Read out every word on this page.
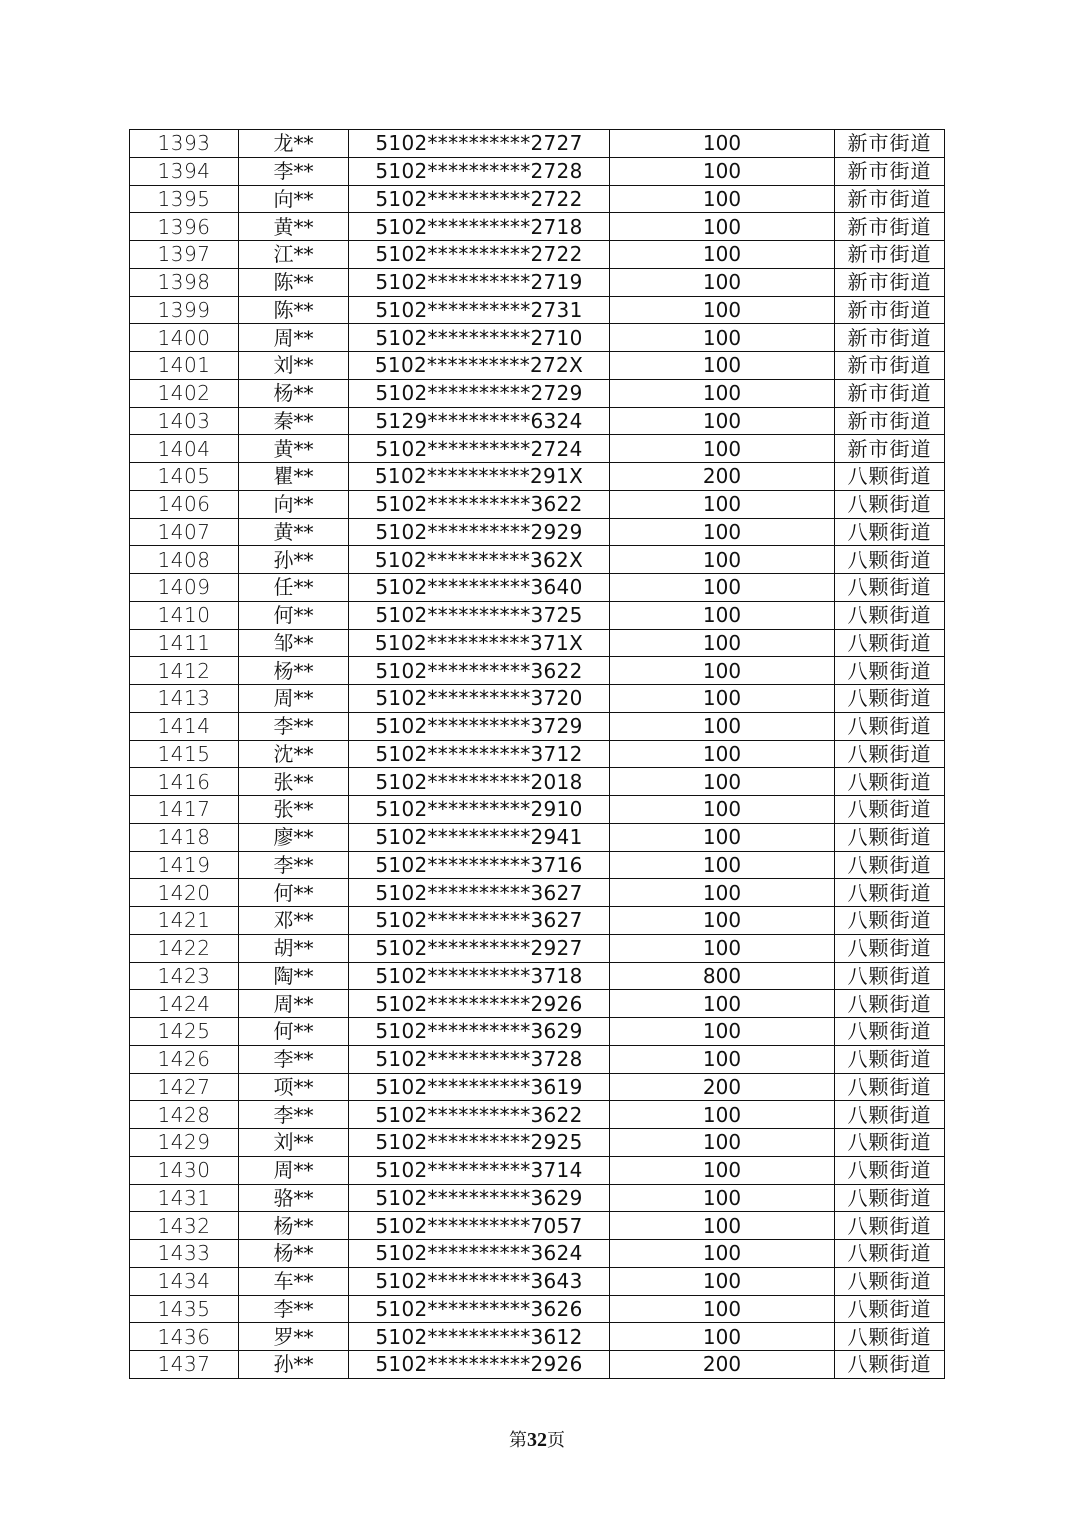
1393	龙**	5102**********2727	100	新市街道
1394	李**	5102**********2728	100	新市街道
1395	向**	5102**********2722	100	新市街道
1396	黄**	5102**********2718	100	新市街道
1397	江**	5102**********2722	100	新市街道
1398	陈**	5102**********2719	100	新市街道
1399	陈**	5102**********2731	100	新市街道
1400	周**	5102**********2710	100	新市街道
1401	刘**	5102**********272X	100	新市街道
1402	杨**	5102**********2729	100	新市街道
1403	秦**	5129**********6324	100	新市街道
1404	黄**	5102**********2724	100	新市街道
1405	瞿**	5102**********291X	200	八颗街道
1406	向**	5102**********3622	100	八颗街道
1407	黄**	5102**********2929	100	八颗街道
1408	孙**	5102**********362X	100	八颗街道
1409	任**	5102**********3640	100	八颗街道
1410	何**	5102**********3725	100	八颗街道
1411	邹**	5102**********371X	100	八颗街道
1412	杨**	5102**********3622	100	八颗街道
1413	周**	5102**********3720	100	八颗街道
1414	李**	5102**********3729	100	八颗街道
1415	沈**	5102**********3712	100	八颗街道
1416	张**	5102**********2018	100	八颗街道
1417	张**	5102**********2910	100	八颗街道
1418	廖**	5102**********2941	100	八颗街道
1419	李**	5102**********3716	100	八颗街道
1420	何**	5102**********3627	100	八颗街道
1421	邓**	5102**********3627	100	八颗街道
1422	胡**	5102**********2927	100	八颗街道
1423	陶**	5102**********3718	800	八颗街道
1424	周**	5102**********2926	100	八颗街道
1425	何**	5102**********3629	100	八颗街道
1426	李**	5102**********3728	100	八颗街道
1427	项**	5102**********3619	200	八颗街道
1428	李**	5102**********3622	100	八颗街道
1429	刘**	5102**********2925	100	八颗街道
1430	周**	5102**********3714	100	八颗街道
1431	骆**	5102**********3629	100	八颗街道
1432	杨**	5102**********7057	100	八颗街道
1433	杨**	5102**********3624	100	八颗街道
1434	车**	5102**********3643	100	八颗街道
1435	李**	5102**********3626	100	八颗街道
1436	罗**	5102**********3612	100	八颗街道
1437	孙**	5102**********2926	200	八颗街道
第32页
